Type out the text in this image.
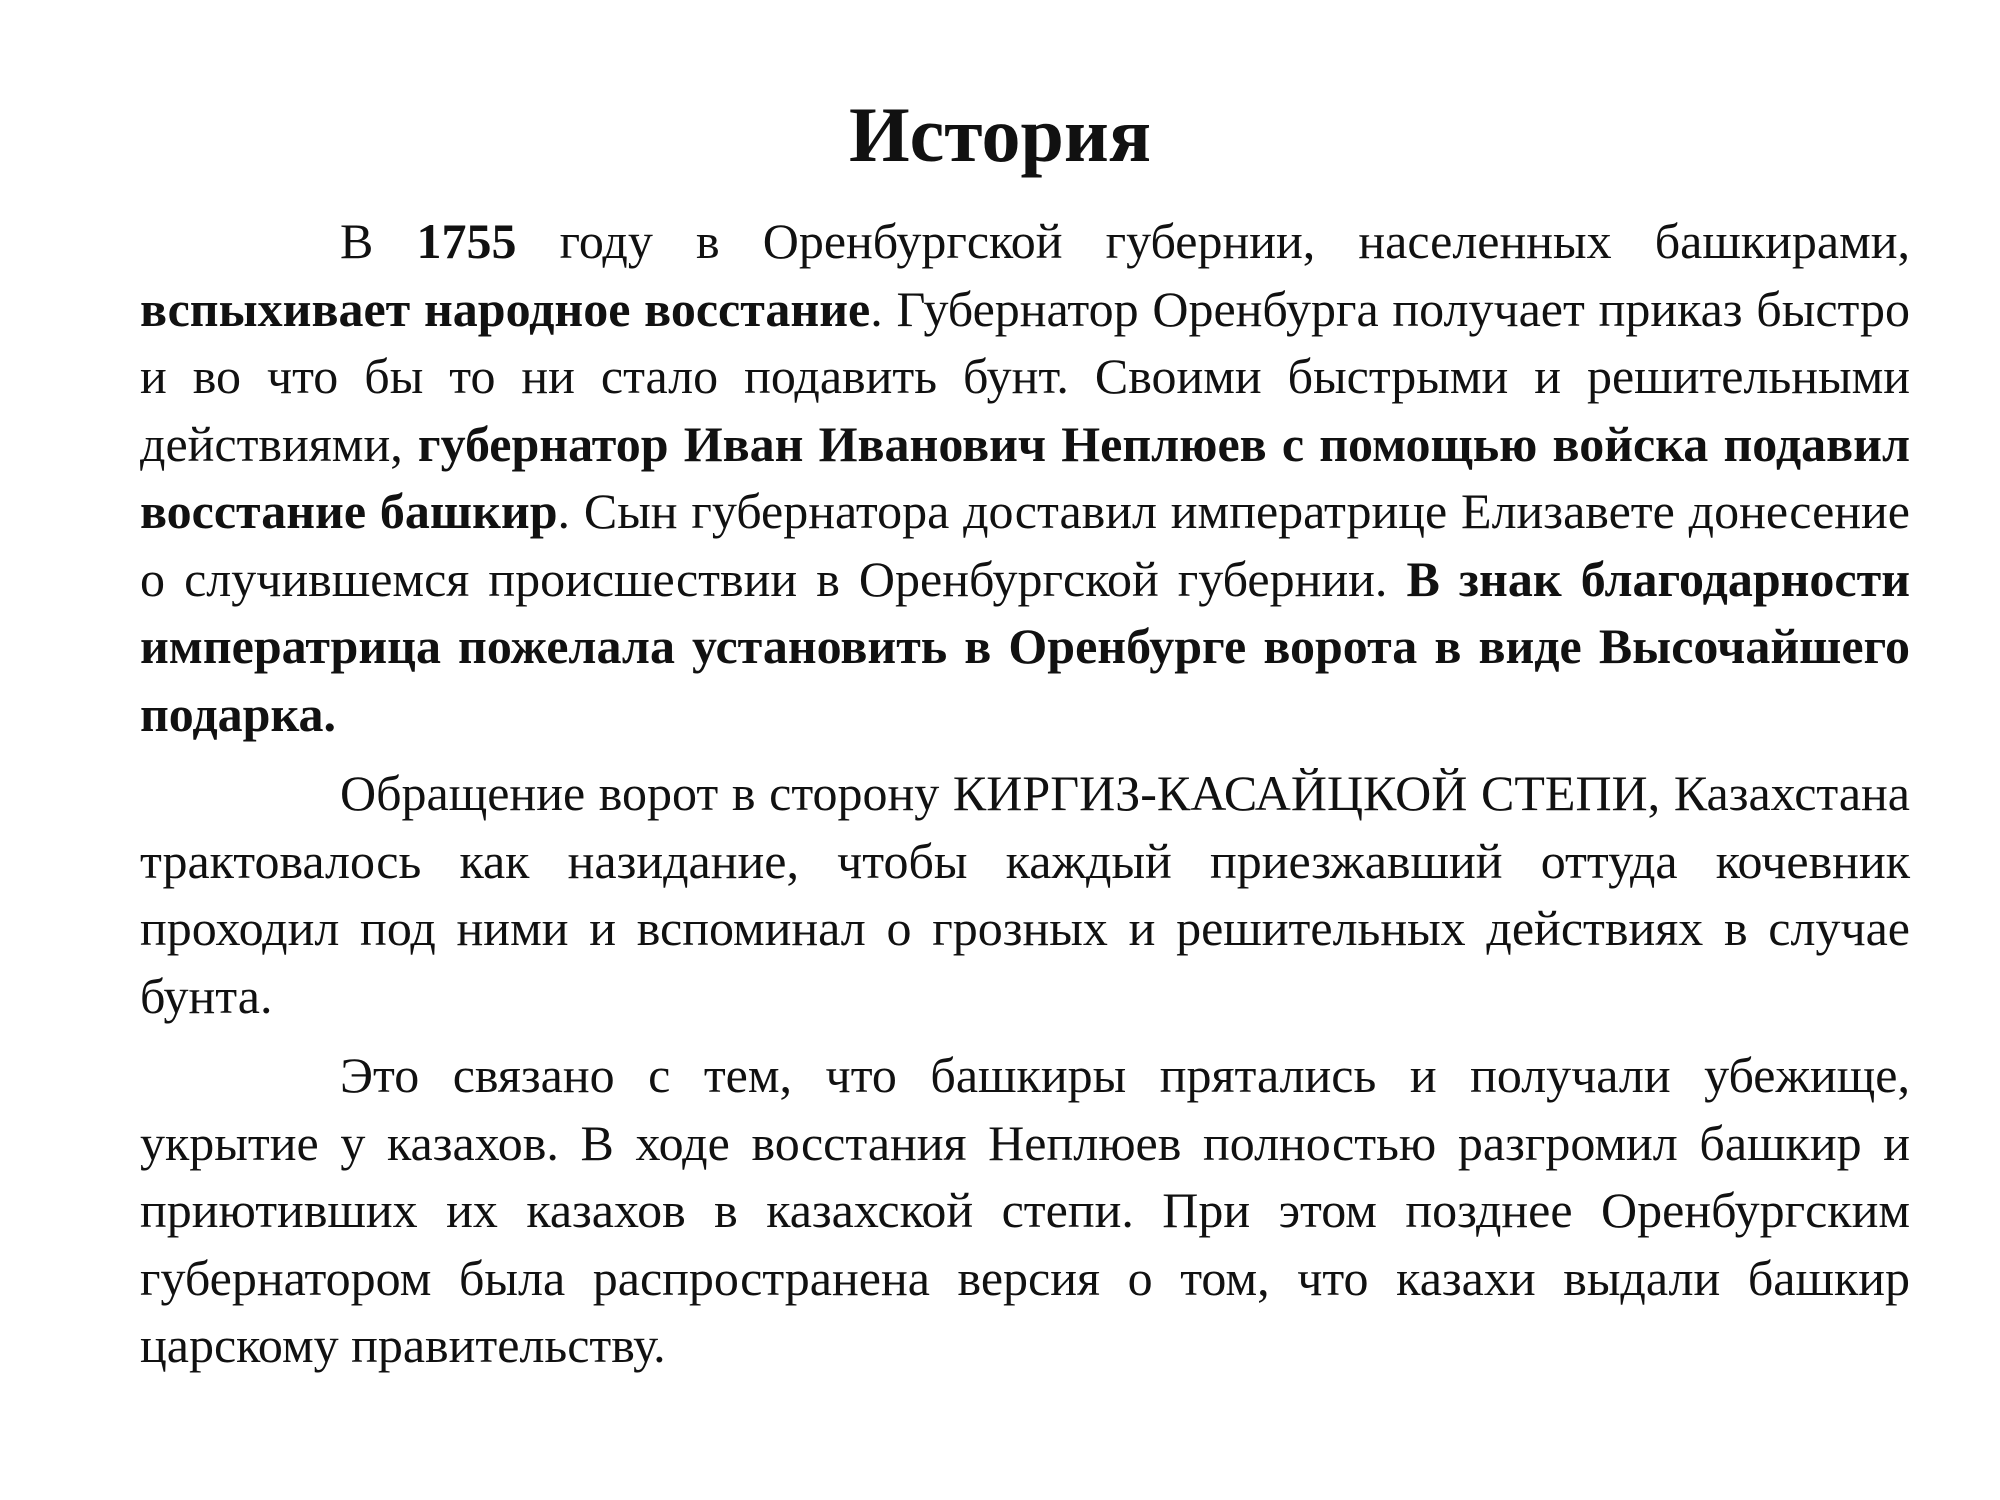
История

В 1755 году в Оренбургской губернии, населенных башкирами, вспыхивает народное восстание. Губернатор Оренбурга получает приказ быстро и во что бы то ни стало подавить бунт. Своими быстрыми и решительными действиями, губернатор Иван Иванович Неплюев с помощью войска подавил восстание башкир. Сын губернатора доставил императрице Елизавете донесение о случившемся происшествии в Оренбургской губернии. В знак благодарности императрица пожелала установить в Оренбурге ворота в виде Высочайшего подарка.

Обращение ворот в сторону КИРГИЗ-КАСАЙЦКОЙ СТЕПИ, Казахстана трактовалось как назидание, чтобы каждый приезжавший оттуда кочевник проходил под ними и вспоминал о грозных и решительных действиях в случае бунта.

Это связано с тем, что башкиры прятались и получали убежище, укрытие у казахов. В ходе восстания Неплюев полностью разгромил башкир и приютивших их казахов в казахской степи. При этом позднее Оренбургским губернатором была распространена версия о том, что казахи выдали башкир царскому правительству.
